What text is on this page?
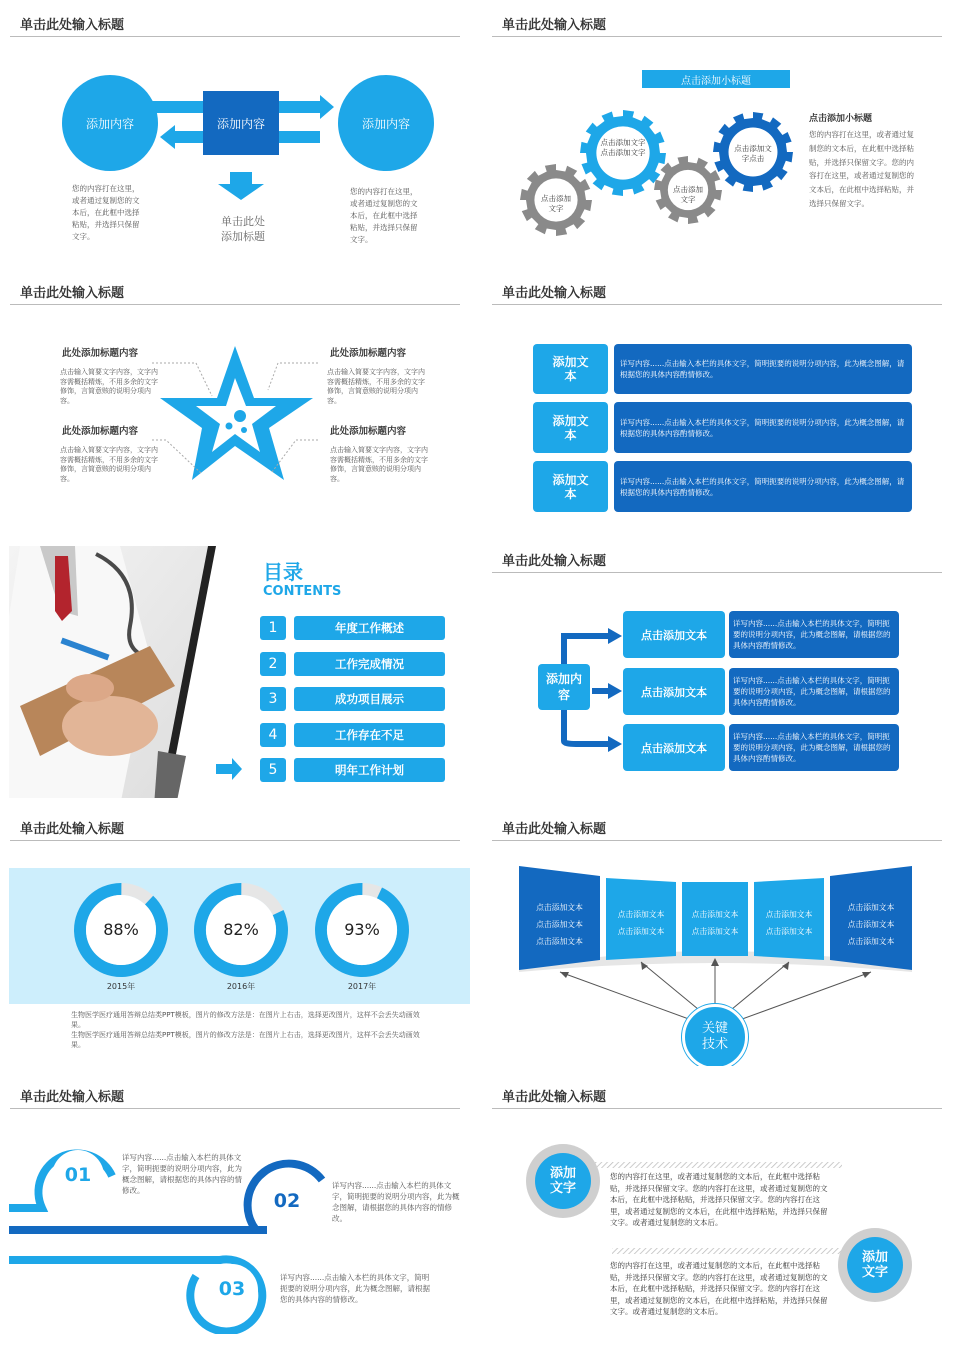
单击此处输入标题
添加内容	添加内容	添加内容
您的内容打在这里，或者通过复制您的文本后，在此框中选择粘贴，并选择只保留文字。
您的内容打在这里，或者通过复制您的文本后，在此框中选择粘贴，并选择只保留文字。
单击此处添加标题
单击此处输入标题
点击添加小标题
点击添加文字
点击添加文字点击添加文字
点击添加文字
点击添加文字点击
点击添加小标题
您的内容打在这里，或者通过复制您的文本后，在此框中选择粘贴，并选择只保留文字。您的内容打在这里，或者通过复制您的文本后，在此框中选择粘贴，并选择只保留文字。
单击此处输入标题
此处添加标题内容
点击输入简要文字内容，文字内容需概括精炼，不用多余的文字修饰，言简意赅的说明分项内容。
此处添加标题内容
点击输入简要文字内容，文字内容需概括精炼，不用多余的文字修饰，言简意赅的说明分项内容。
此处添加标题内容
点击输入简要文字内容，文字内容需概括精炼，不用多余的文字修饰，言简意赅的说明分项内容。
此处添加标题内容
点击输入简要文字内容，文字内容需概括精炼，不用多余的文字修饰，言简意赅的说明分项内容。
单击此处输入标题
添加文本
详写内容......点击输入本栏的具体文字，简明扼要的说明分项内容，此为概念图解，请根据您的具体内容酌情修改。
添加文本
详写内容......点击输入本栏的具体文字，简明扼要的说明分项内容，此为概念图解，请根据您的具体内容酌情修改。
添加文本
详写内容......点击输入本栏的具体文字，简明扼要的说明分项内容，此为概念图解，请根据您的具体内容酌情修改。
目录
CONTENTS
1	年度工作概述
2	工作完成情况
3	成功项目展示
4	工作存在不足
5	明年工作计划
单击此处输入标题
添加内容
点击添加文本
详写内容......点击输入本栏的具体文字，简明扼要的说明分项内容，此为概念图解，请根据您的具体内容酌情修改。
点击添加文本
详写内容......点击输入本栏的具体文字，简明扼要的说明分项内容，此为概念图解，请根据您的具体内容酌情修改。
点击添加文本
详写内容......点击输入本栏的具体文字，简明扼要的说明分项内容，此为概念图解，请根据您的具体内容酌情修改。
单击此处输入标题
88%	82%	93%
2015年	2016年	2017年
生物医学医疗通用答辩总结类PPT模板，图片的修改方法是：在图片上右击，选择更改图片，这样不会丢失动画效果。
生物医学医疗通用答辩总结类PPT模板，图片的修改方法是：在图片上右击，选择更改图片，这样不会丢失动画效果。
单击此处输入标题
点击添加文本
点击添加文本
点击添加文本
点击添加文本
点击添加文本
点击添加文本
点击添加文本
点击添加文本
点击添加文本
点击添加文本
点击添加文本
点击添加文本
关键技术
单击此处输入标题
01
02
03
详写内容......点击输入本栏的具体文字，简明扼要的说明分项内容，此为概念图解，请根据您的具体内容的情修改。
详写内容......点击输入本栏的具体文字，简明扼要的说明分项内容，此为概念图解，请根据您的具体内容的情修改。
详写内容......点击输入本栏的具体文字，简明扼要的说明分项内容，此为概念图解，请根据您的具体内容的情修改。
单击此处输入标题
添加文字
添加文字
您的内容打在这里，或者通过复制您的文本后，在此框中选择粘贴，并选择只保留文字。您的内容打在这里，或者通过复制您的文本后，在此框中选择粘贴，并选择只保留文字。您的内容打在这里，或者通过复制您的文本后，在此框中选择粘贴，并选择只保留文字。或者通过复制您的文本后。
您的内容打在这里，或者通过复制您的文本后，在此框中选择粘贴，并选择只保留文字。您的内容打在这里，或者通过复制您的文本后，在此框中选择粘贴，并选择只保留文字。您的内容打在这里，或者通过复制您的文本后，在此框中选择粘贴，并选择只保留文字。或者通过复制您的文本后。
